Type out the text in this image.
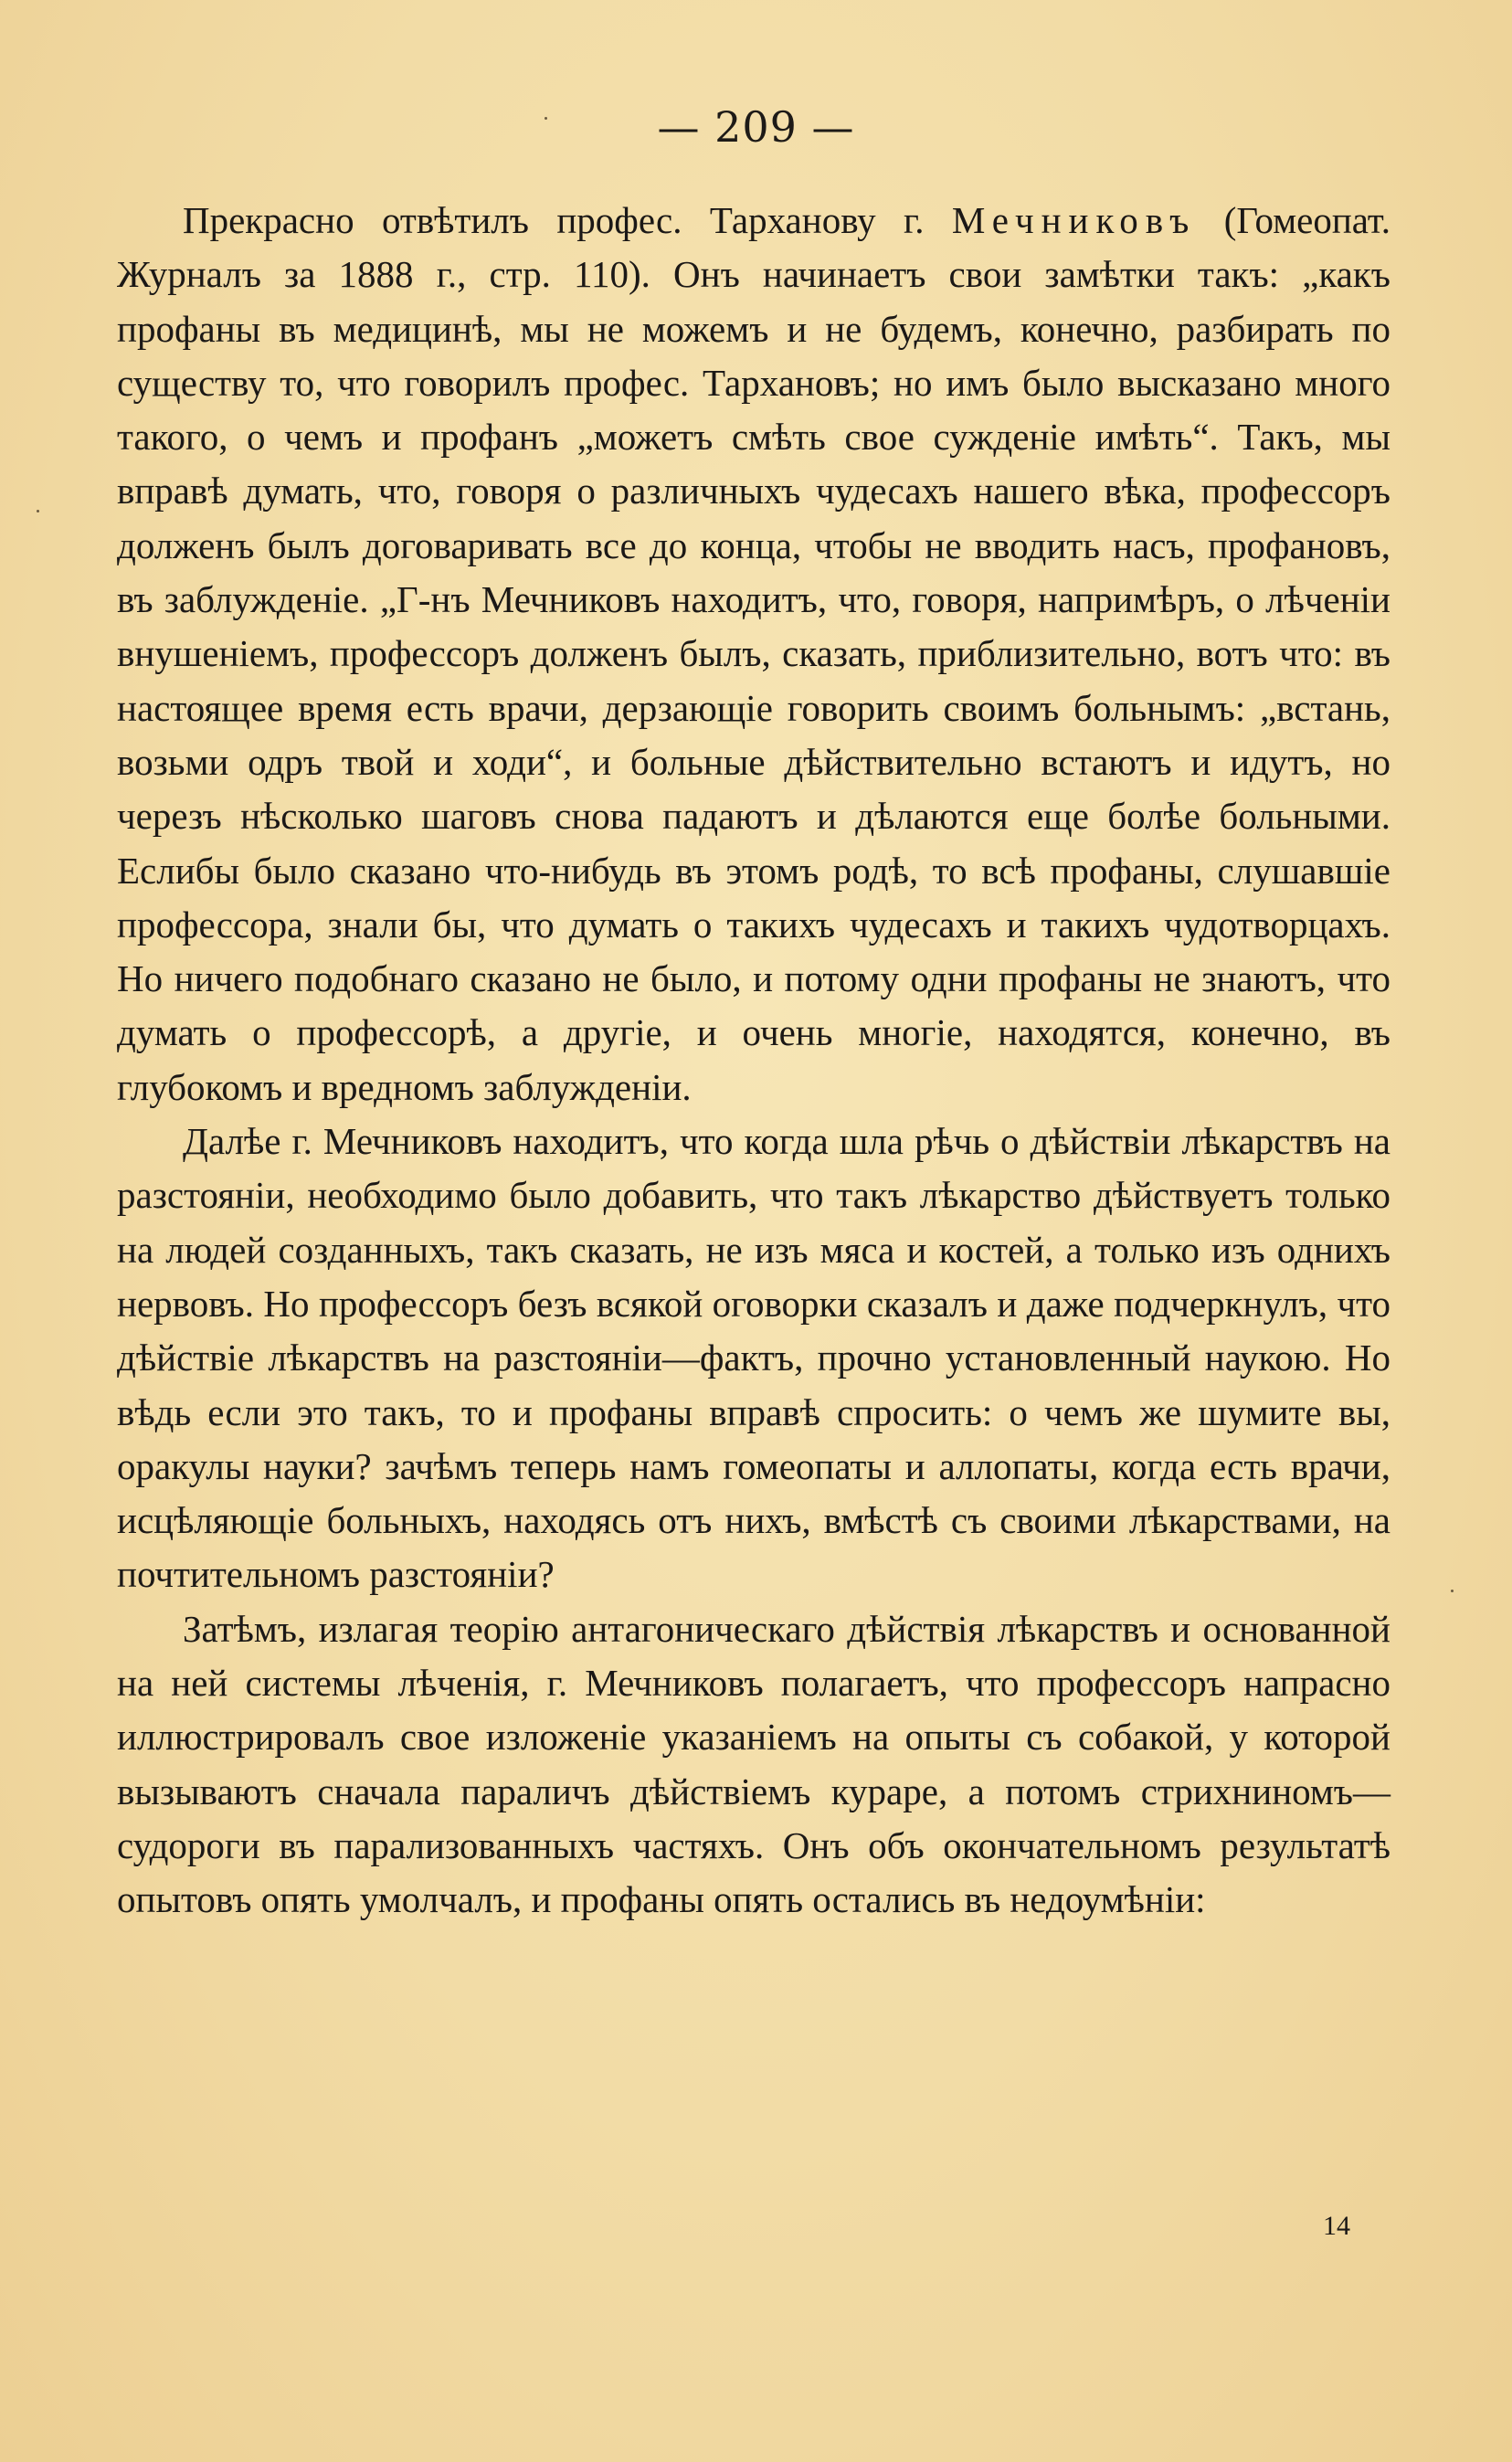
— 209 —

Прекрасно отвѣтилъ профес. Тарханову г. Мечниковъ (Гомеопат. Журналъ за 1888 г., стр. 110). Онъ начинаетъ свои замѣтки такъ: „какъ профаны въ медицинѣ, мы не можемъ и не будемъ, конечно, разбирать по существу то, что говорилъ профес. Тархановъ; но имъ было высказано много такого, о чемъ и профанъ „можетъ смѣть свое сужденіе имѣть“. Такъ, мы вправѣ думать, что, говоря о различныхъ чудесахъ нашего вѣка, профессоръ долженъ былъ договаривать все до конца, чтобы не вводить насъ, профановъ, въ заблужденіе. „Г-нъ Мечниковъ находитъ, что, говоря, напримѣръ, о лѣченіи внушеніемъ, профессоръ долженъ былъ, сказать, приблизительно, вотъ что: въ настоящее время есть врачи, дерзающіе говорить своимъ больнымъ: „встань, возьми одръ твой и ходи“, и больные дѣйствительно встаютъ и идутъ, но черезъ нѣсколько шаговъ снова падаютъ и дѣлаются еще болѣе больными. Еслибы было сказано что-нибудь въ этомъ родѣ, то всѣ профаны, слушавшіе профессора, знали бы, что думать о такихъ чудесахъ и такихъ чудотворцахъ. Но ничего подобнаго сказано не было, и потому одни профаны не знаютъ, что думать о профессорѣ, а другіе, и очень многіе, находятся, конечно, въ глубокомъ и вредномъ заблужденіи.

Далѣе г. Мечниковъ находитъ, что когда шла рѣчь о дѣйствіи лѣкарствъ на разстояніи, необходимо было добавить, что такъ лѣкарство дѣйствуетъ только на людей созданныхъ, такъ сказать, не изъ мяса и костей, а только изъ однихъ нервовъ. Но профессоръ безъ всякой оговорки сказалъ и даже подчеркнулъ, что дѣйствіе лѣкарствъ на разстояніи—фактъ, прочно установленный наукою. Но вѣдь если это такъ, то и профаны вправѣ спросить: о чемъ же шумите вы, оракулы науки? зачѣмъ теперь намъ гомеопаты и аллопаты, когда есть врачи, исцѣляющіе больныхъ, находясь отъ нихъ, вмѣстѣ съ своими лѣкарствами, на почтительномъ разстояніи?

Затѣмъ, излагая теорію антагоническаго дѣйствія лѣкарствъ и основанной на ней системы лѣченія, г. Мечниковъ полагаетъ, что профессоръ напрасно иллюстрировалъ свое изложеніе указаніемъ на опыты съ собакой, у которой вызываютъ сначала параличъ дѣйствіемъ кураре, а потомъ стрихниномъ—судороги въ парализованныхъ частяхъ. Онъ объ окончательномъ результатѣ опытовъ опять умолчалъ, и профаны опять остались въ недоумѣніи:

14
